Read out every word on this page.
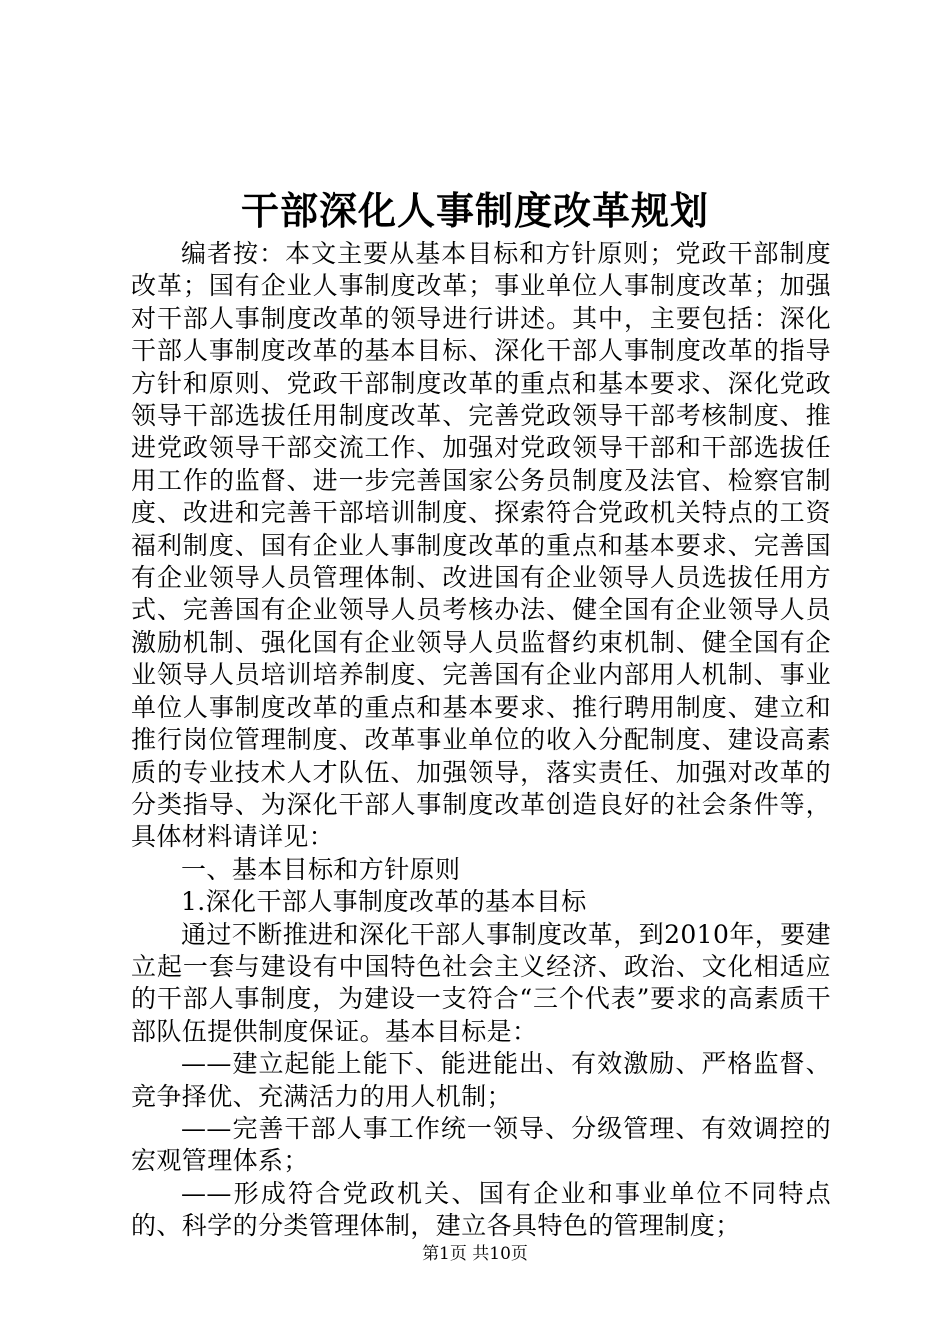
干部深化人事制度改革规划

编者按：本文主要从基本目标和方针原则；党政干部制度改革；国有企业人事制度改革；事业单位人事制度改革；加强对干部人事制度改革的领导进行讲述。其中，主要包括：深化干部人事制度改革的基本目标、深化干部人事制度改革的指导方针和原则、党政干部制度改革的重点和基本要求、深化党政领导干部选拔任用制度改革、完善党政领导干部考核制度、推进党政领导干部交流工作、加强对党政领导干部和干部选拔任用工作的监督、进一步完善国家公务员制度及法官、检察官制度、改进和完善干部培训制度、探索符合党政机关特点的工资福利制度、国有企业人事制度改革的重点和基本要求、完善国有企业领导人员管理体制、改进国有企业领导人员选拔任用方式、完善国有企业领导人员考核办法、健全国有企业领导人员激励机制、强化国有企业领导人员监督约束机制、健全国有企业领导人员培训培养制度、完善国有企业内部用人机制、事业单位人事制度改革的重点和基本要求、推行聘用制度、建立和推行岗位管理制度、改革事业单位的收入分配制度、建设高素质的专业技术人才队伍、加强领导，落实责任、加强对改革的分类指导、为深化干部人事制度改革创造良好的社会条件等，具体材料请详见：

一、基本目标和方针原则

1.深化干部人事制度改革的基本目标

通过不断推进和深化干部人事制度改革，到2010年，要建立起一套与建设有中国特色社会主义经济、政治、文化相适应的干部人事制度，为建设一支符合“三个代表”要求的高素质干部队伍提供制度保证。基本目标是：

——建立起能上能下、能进能出、有效激励、严格监督、竞争择优、充满活力的用人机制；

——完善干部人事工作统一领导、分级管理、有效调控的宏观管理体系；

——形成符合党政机关、国有企业和事业单位不同特点的、科学的分类管理体制，建立各具特色的管理制度；

第1页 共10页
